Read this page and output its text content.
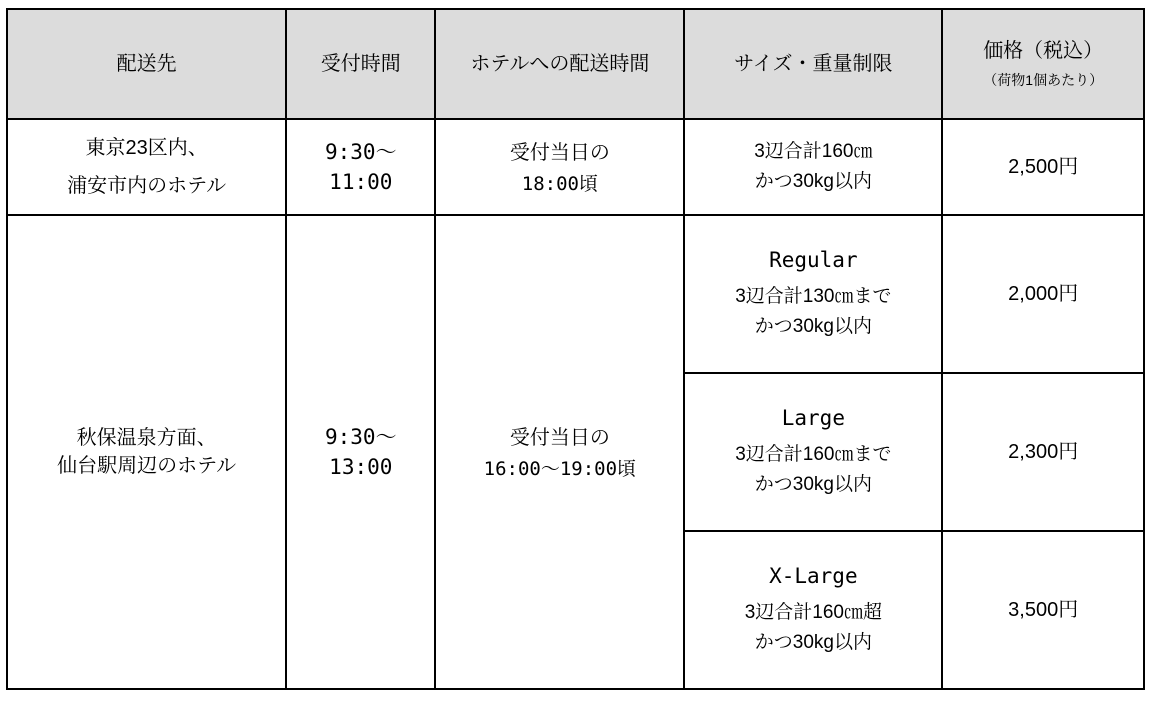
配送先	受付時間	ホテルへの配送時間	サイズ・重量制限	価格（税込）
（荷物1個あたり）

東京23区内、
浦安市内のホテル	9:30〜
11:00	受付当日の
18:00頃	3辺合計160㎝
かつ30kg以内	2,500円

秋保温泉方面、
仙台駅周辺のホテル	9:30〜
13:00	受付当日の
16:00〜19:00頃	Regular
3辺合計130㎝まで
かつ30kg以内	2,000円

			Large
3辺合計160㎝まで
かつ30kg以内	2,300円

			X-Large
3辺合計160㎝超
かつ30kg以内	3,500円
